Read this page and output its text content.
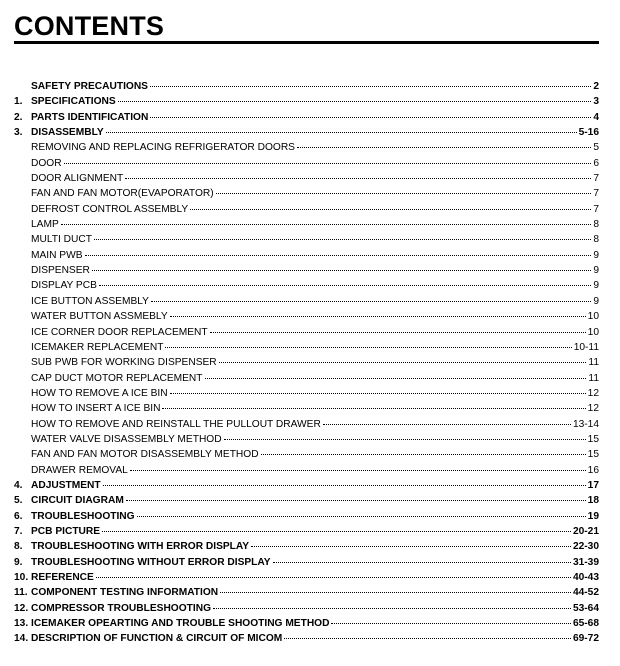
CONTENTS
SAFETY PRECAUTIONS	2
1. SPECIFICATIONS	3
2. PARTS IDENTIFICATION	4
3. DISASSEMBLY	5-16
REMOVING AND REPLACING REFRIGERATOR DOORS	5
DOOR	6
DOOR ALIGNMENT	7
FAN AND FAN MOTOR(EVAPORATOR)	7
DEFROST CONTROL ASSEMBLY	7
LAMP	8
MULTI DUCT	8
MAIN PWB	9
DISPENSER	9
DISPLAY PCB	9
ICE BUTTON ASSEMBLY	9
WATER BUTTON ASSMEBLY	10
ICE CORNER DOOR REPLACEMENT	10
ICEMAKER REPLACEMENT	10-11
SUB PWB FOR WORKING DISPENSER	11
CAP DUCT MOTOR REPLACEMENT	11
HOW TO REMOVE A ICE BIN	12
HOW TO INSERT A ICE BIN	12
HOW TO REMOVE AND REINSTALL THE PULLOUT DRAWER	13-14
WATER VALVE DISASSEMBLY METHOD	15
FAN AND FAN MOTOR DISASSEMBLY METHOD	15
DRAWER REMOVAL	16
4. ADJUSTMENT	17
5. CIRCUIT DIAGRAM	18
6. TROUBLESHOOTING	19
7. PCB PICTURE	20-21
8. TROUBLESHOOTING WITH ERROR DISPLAY	22-30
9. TROUBLESHOOTING WITHOUT ERROR DISPLAY	31-39
10. REFERENCE	40-43
11. COMPONENT TESTING INFORMATION	44-52
12. COMPRESSOR TROUBLESHOOTING	53-64
13. ICEMAKER OPEARTING AND TROUBLE SHOOTING METHOD	65-68
14. DESCRIPTION OF FUNCTION & CIRCUIT OF MICOM	69-72
